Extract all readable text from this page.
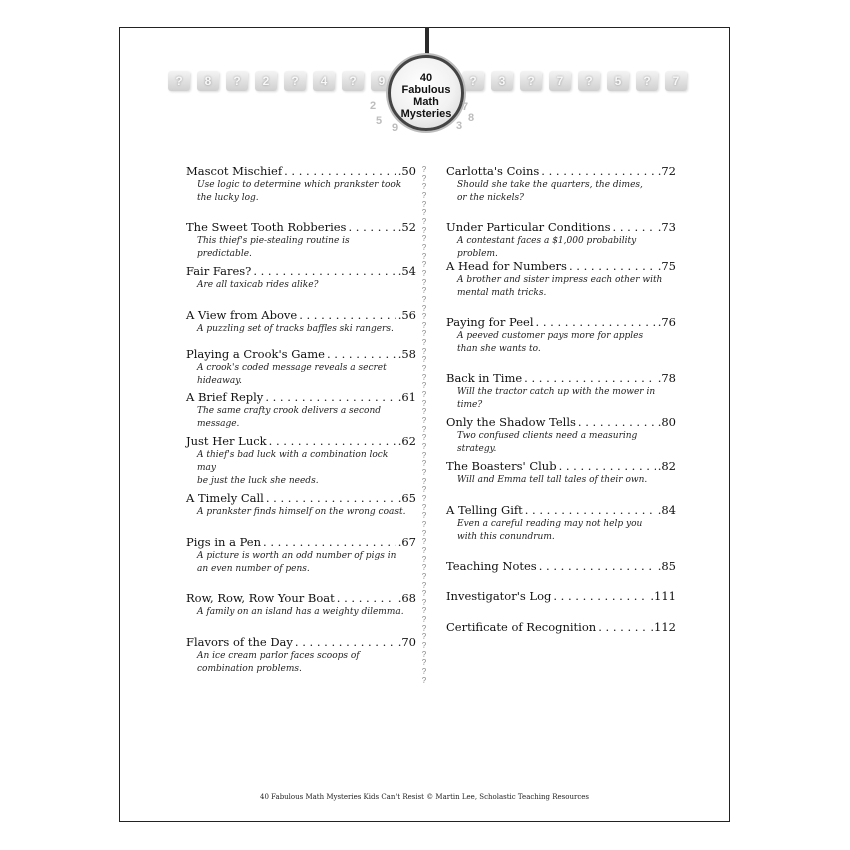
?	8	?	2	?	4	?	9	?	3	?	7	?	5	?	7
40 Fabulous Math Mysteries
2
5
9
7
3
8
?
?
?
?
?
?
?
?
?
?
?
?
?
?
?
?
?
?
?
?
?
?
?
?
?
?
?
?
?
?
?
?
?
?
?
?
?
?
?
?
?
?
?
?
?
?
?
?
?
?
?
?
?
?
?
?
?
?
?
?
Mascot Mischief . . .	.50
Use logic to determine which prankster took
the lucky log.
The Sweet Tooth Robberies . . .	.52
This thief's pie-stealing routine is predictable.
Fair Fares? . . .	.54
Are all taxicab rides alike?
A View from Above . . .	.56
A puzzling set of tracks baffles ski rangers.
Playing a Crook's Game . . .	.58
A crook's coded message reveals a secret hideaway.
A Brief Reply . . .	.61
The same crafty crook delivers a second message.
Just Her Luck . . .	.62
A thief's bad luck with a combination lock may
be just the luck she needs.
A Timely Call . . .	.65
A prankster finds himself on the wrong coast.
Pigs in a Pen . . .	.67
A picture is worth an odd number of pigs in
an even number of pens.
Row, Row, Row Your Boat . . .	.68
A family on an island has a weighty dilemma.
Flavors of the Day . . .	.70
An ice cream parlor faces scoops of
combination problems.
Carlotta's Coins . . .	.72
Should she take the quarters, the dimes,
or the nickels?
Under Particular Conditions . . .	.73
A contestant faces a $1,000 probability problem.
A Head for Numbers . . .	.75
A brother and sister impress each other with
mental math tricks.
Paying for Peel . . .	.76
A peeved customer pays more for apples
than she wants to.
Back in Time . . .	.78
Will the tractor catch up with the mower in time?
Only the Shadow Tells . . .	.80
Two confused clients need a measuring strategy.
The Boasters' Club . . .	.82
Will and Emma tell tall tales of their own.
A Telling Gift . . .	.84
Even a careful reading may not help you
with this conundrum.
Teaching Notes . . .	.85
Investigator's Log . . .	.111
Certificate of Recognition . . .	.112
40 Fabulous Math Mysteries Kids Can't Resist © Martin Lee, Scholastic Teaching Resources
